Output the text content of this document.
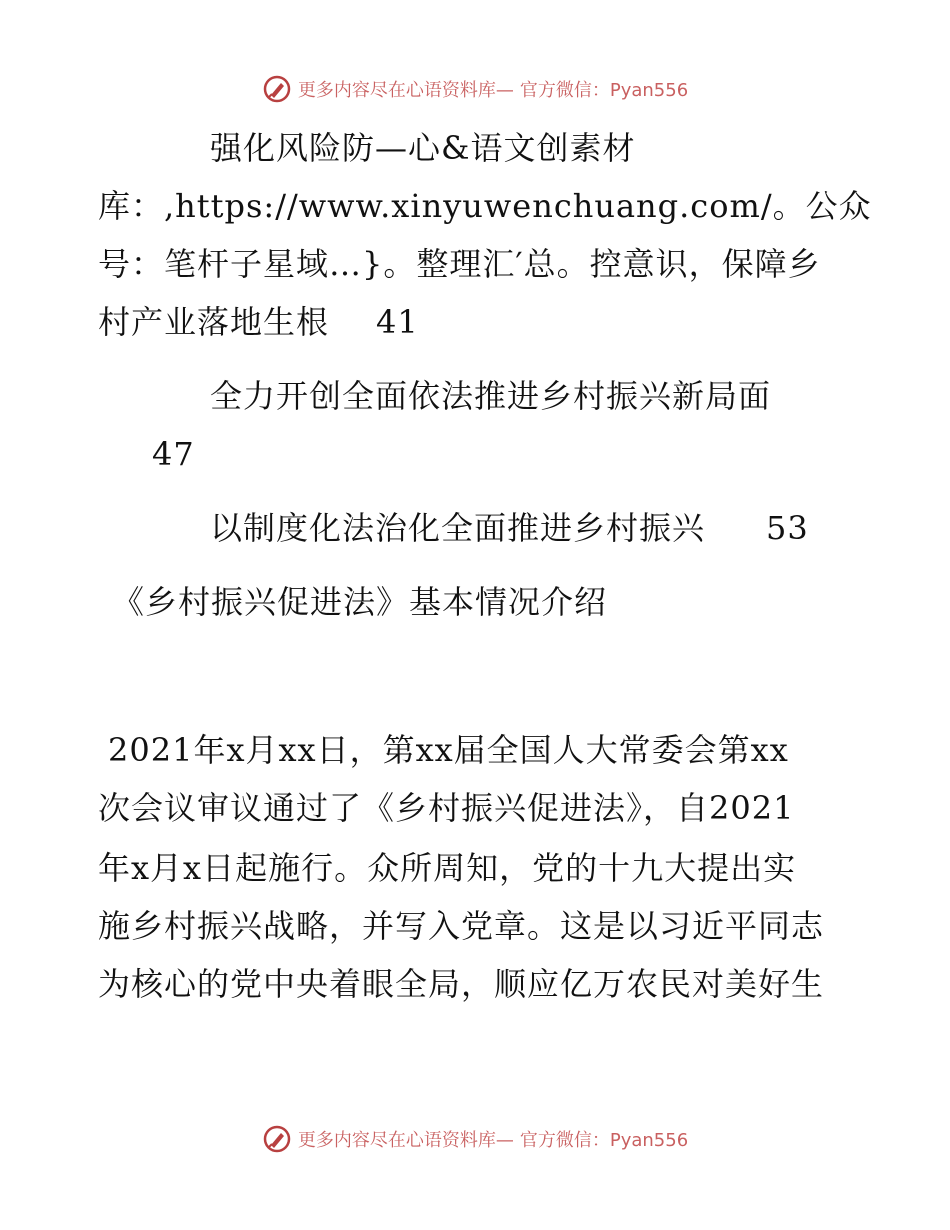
更多内容尽在心语资料库— 官方微信：Pyan556
强化风险防—心&语文创素材
库：,https://www.xinyuwenchuang.com/。公众
号：笔杆子星域…}。整理汇′总。控意识，保障乡
村产业落地生根 41
全力开创全面依法推进乡村振兴新局面
47
以制度化法治化全面推进乡村振兴 53
《乡村振兴促进法》基本情况介绍
2021年x月xx日，第xx届全国人大常委会第xx
次会议审议通过了《乡村振兴促进法》，自2021
年x月x日起施行。众所周知，党的十九大提出实
施乡村振兴战略，并写入党章。这是以习近平同志
为核心的党中央着眼全局，顺应亿万农民对美好生
更多内容尽在心语资料库— 官方微信：Pyan556
